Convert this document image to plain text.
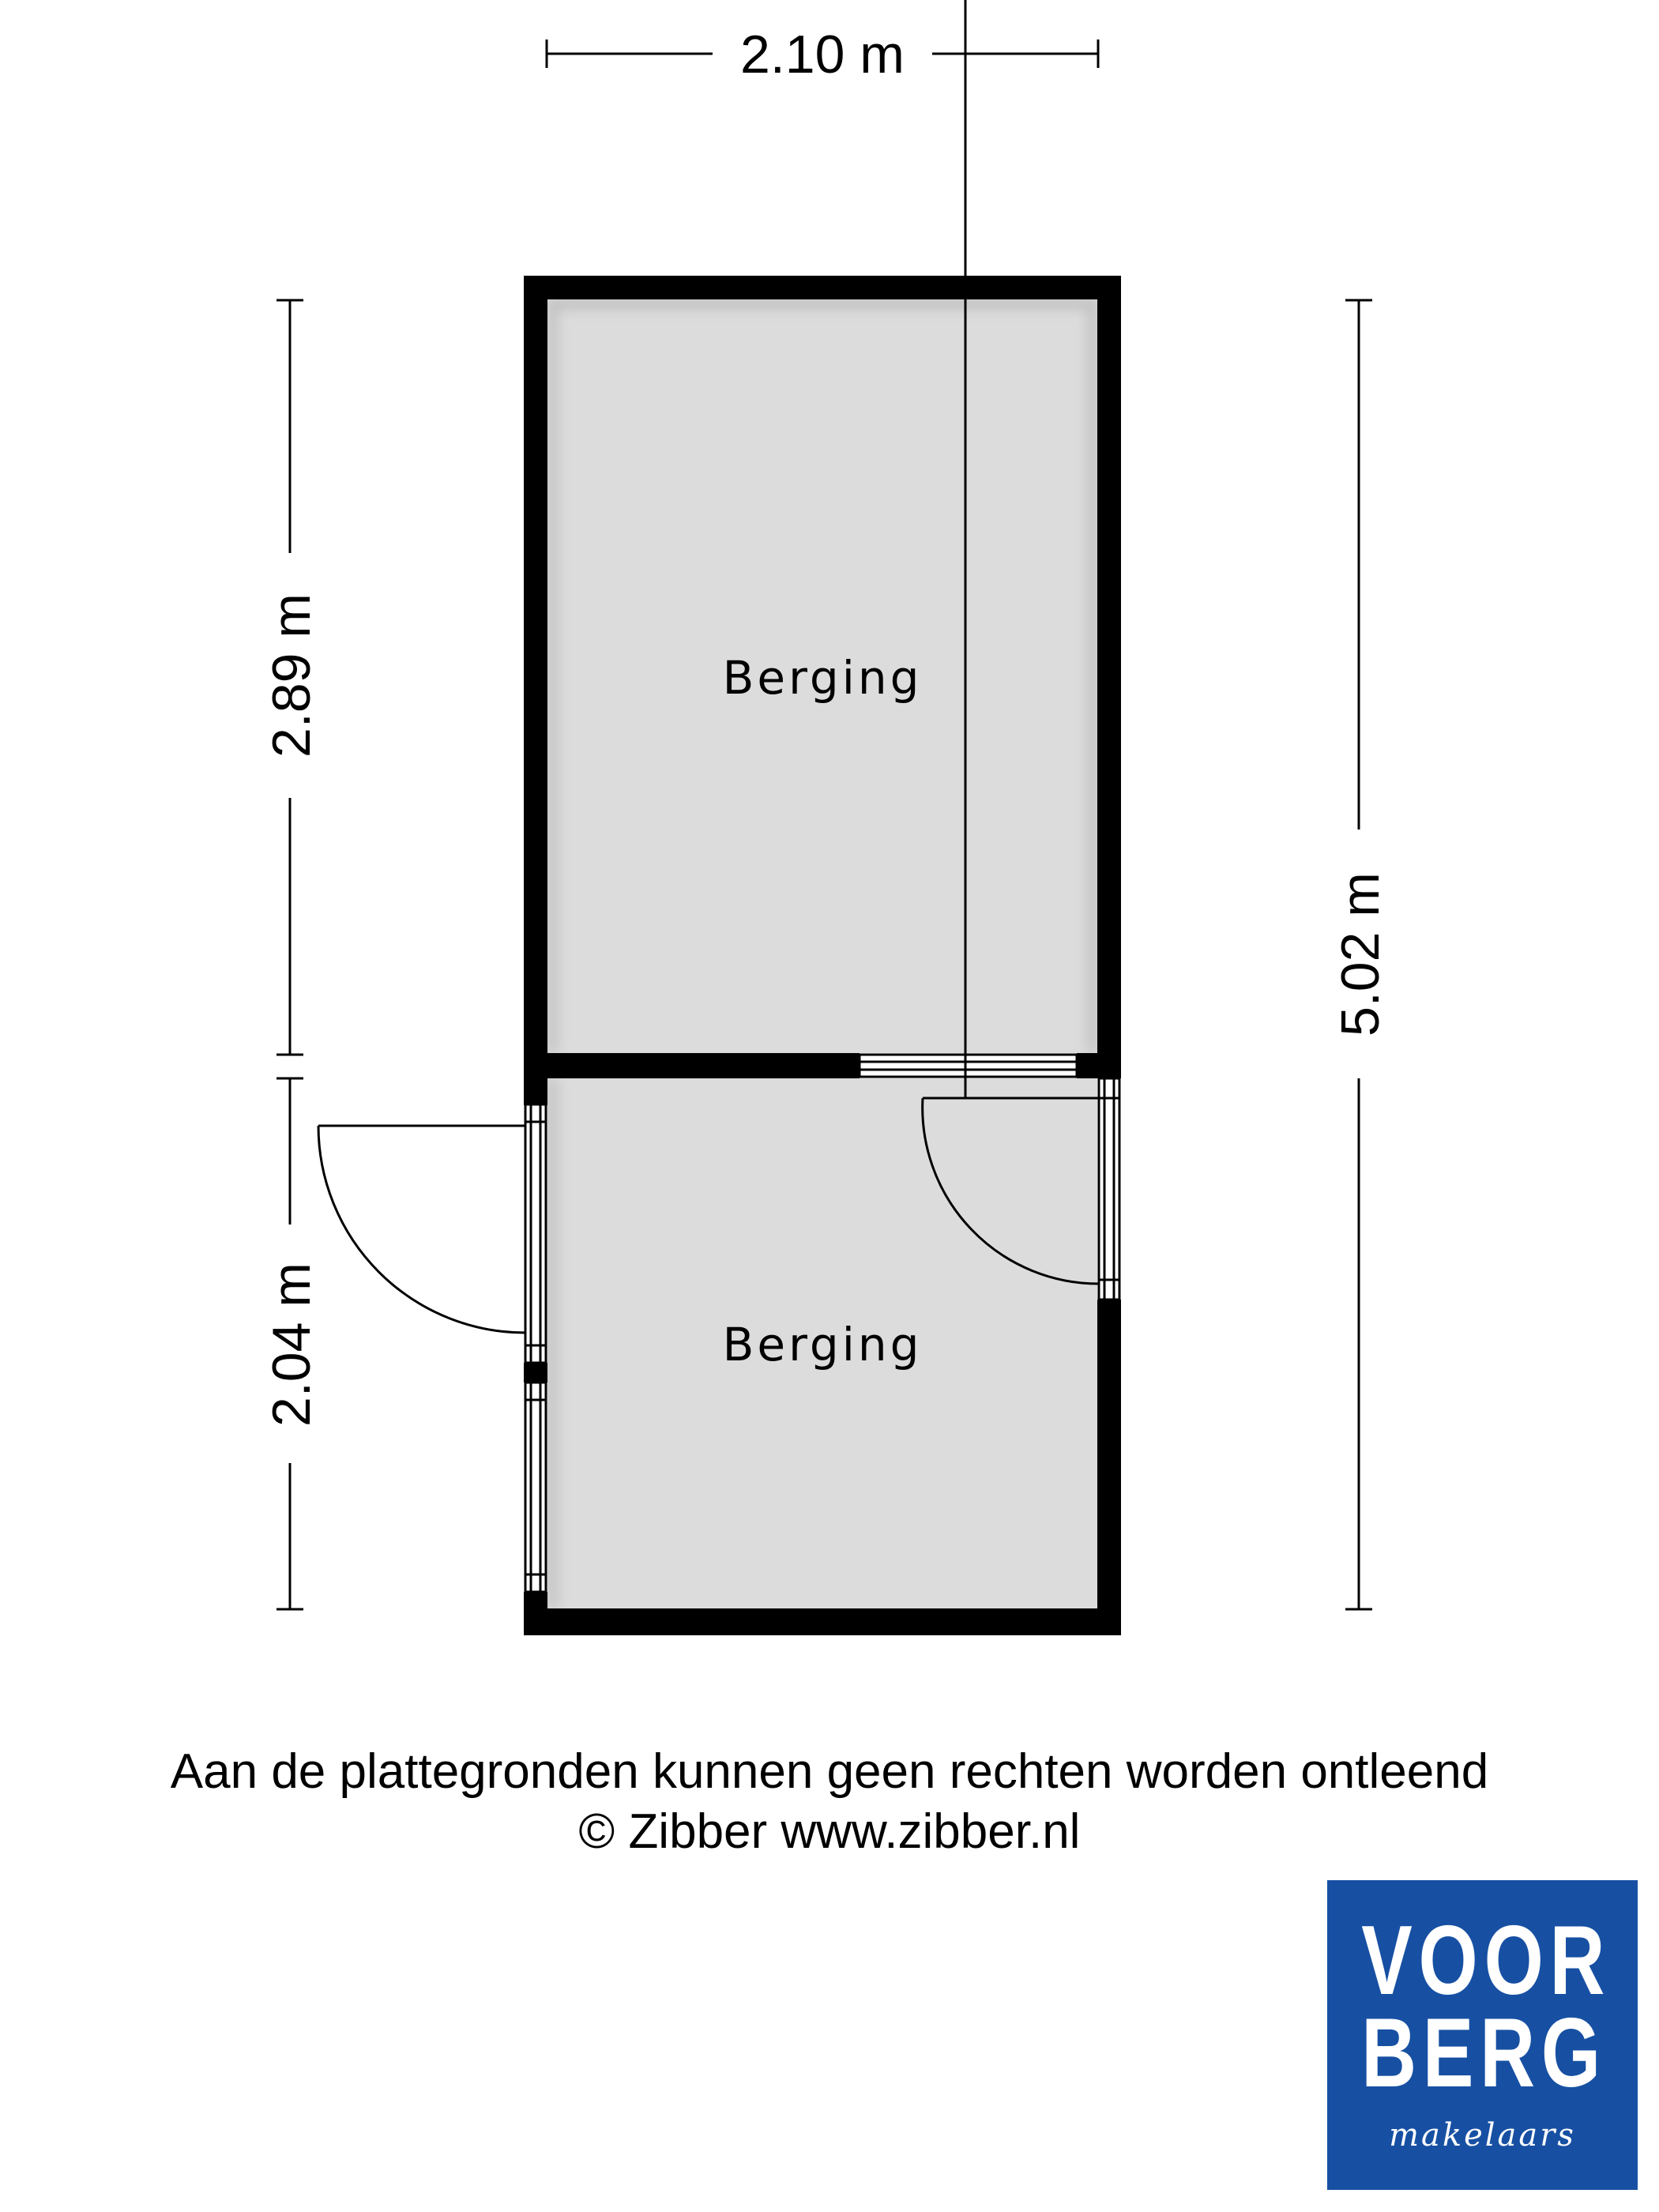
2.10 m
2.89 m
2.04 m
5.02 m
Berging
Berging
Aan de plattegronden kunnen geen rechten worden ontleend
© Zibber www.zibber.nl
VOOR
BERG
makelaars
